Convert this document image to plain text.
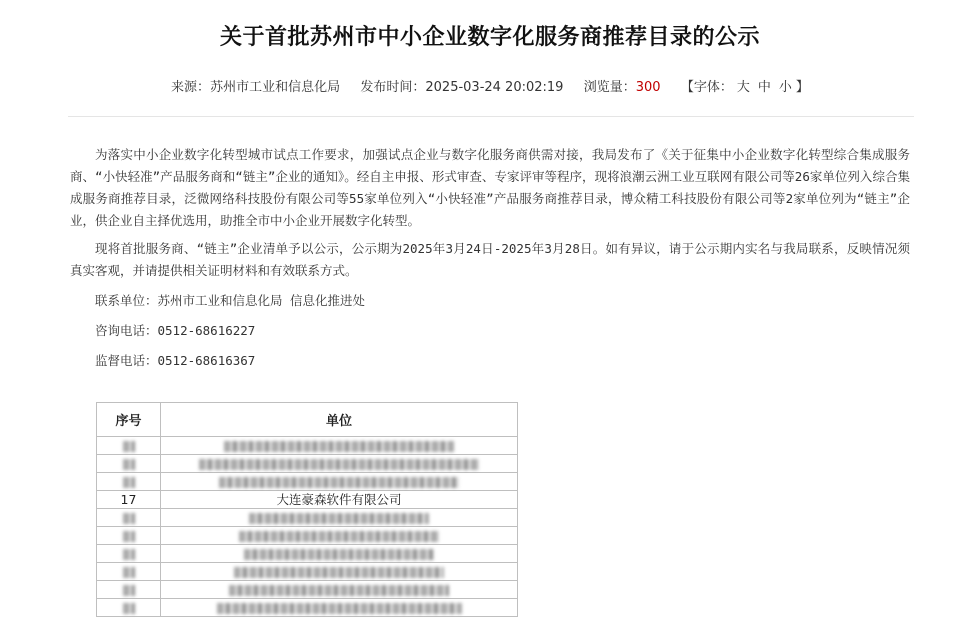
关于首批苏州市中小企业数字化服务商推荐目录的公示
来源：苏州市工业和信息化局 发布时间：2025-03-24 20:02:19 浏览量：300 【字体： 大 中 小 】

为落实中小企业数字化转型城市试点工作要求，加强试点企业与数字化服务商供需对接，我局发布了《关于征集中小企业数字化转型综合集成服务商、“小快轻准”产品服务商和“链主”企业的通知》。经自主申报、形式审查、专家评审等程序，现将浪潮云洲工业互联网有限公司等26家单位列入综合集成服务商推荐目录，泛微网络科技股份有限公司等55家单位列入“小快轻准”产品服务商推荐目录，博众精工科技股份有限公司等2家单位列为“链主”企业，供企业自主择优选用，助推全市中小企业开展数字化转型。

现将首批服务商、“链主”企业清单予以公示，公示期为2025年3月24日-2025年3月28日。如有异议，请于公示期内实名与我局联系，反映情况须真实客观，并请提供相关证明材料和有效联系方式。

联系单位：苏州市工业和信息化局 信息化推进处

咨询电话：0512-68616227

监督电话：0512-68616367

序号	单位

17	大连豪森软件有限公司
